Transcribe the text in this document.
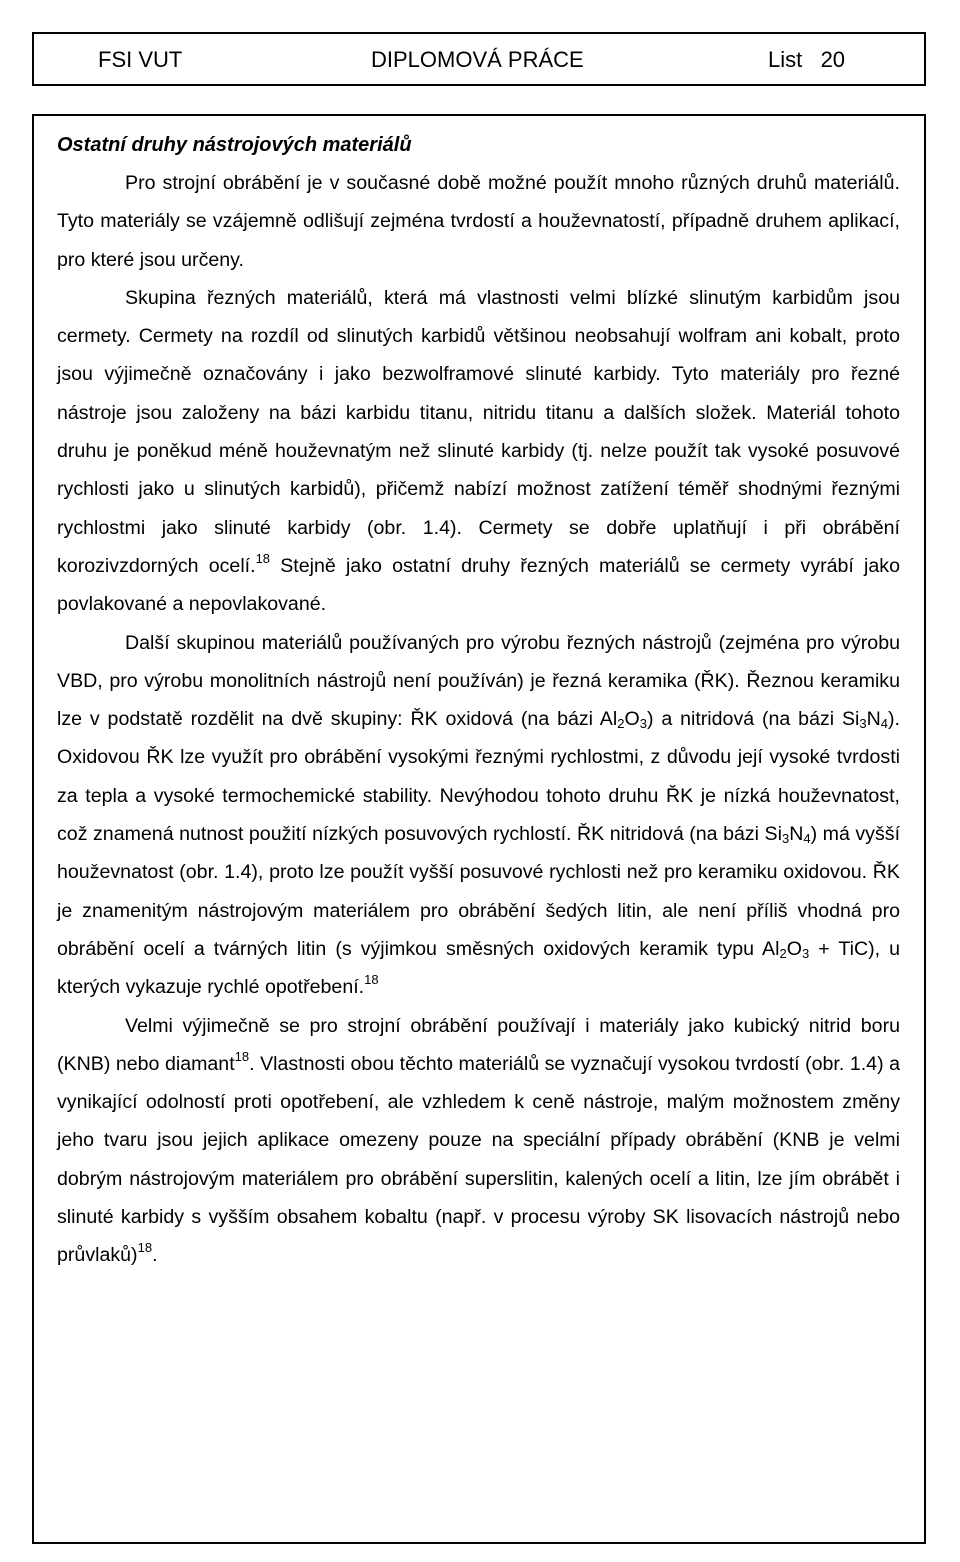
FSI VUT	DIPLOMOVÁ PRÁCE	List   20
Ostatní druhy nástrojových materiálů

Pro strojní obrábění je v současné době možné použít mnoho různých druhů materiálů. Tyto materiály se vzájemně odlišují zejména tvrdostí a houževnatostí, případně druhem aplikací, pro které jsou určeny.

Skupina řezných materiálů, která má vlastnosti velmi blízké slinutým karbidům jsou cermety. Cermety na rozdíl od slinutých karbidů většinou neobsahují wolfram ani kobalt, proto jsou výjimečně označovány i jako bezwolframové slinuté karbidy. Tyto materiály pro řezné nástroje jsou založeny na bázi karbidu titanu, nitridu titanu a dalších složek. Materiál tohoto druhu je poněkud méně houževnatým než slinuté karbidy (tj. nelze použít tak vysoké posuvové rychlosti jako u slinutých karbidů), přičemž nabízí možnost zatížení téměř shodnými řeznými rychlostmi jako slinuté karbidy (obr. 1.4). Cermety se dobře uplatňují i při obrábění korozivzdorných ocelí.$^{18}$ Stejně jako ostatní druhy řezných materiálů se cermety vyrábí jako povlakované a nepovlakované.

Další skupinou materiálů používaných pro výrobu řezných nástrojů (zejména pro výrobu VBD, pro výrobu monolitních nástrojů není používán) je řezná keramika (ŘK). Řeznou keramiku lze v podstatě rozdělit na dvě skupiny: ŘK oxidová (na bázi $Al_2O_3$) a nitridová (na bázi $Si_3N_4$). Oxidovou ŘK lze využít pro obrábění vysokými řeznými rychlostmi, z důvodu její vysoké tvrdosti za tepla a vysoké termochemické stability. Nevýhodou tohoto druhu ŘK je nízká houževnatost, což znamená nutnost použití nízkých posuvových rychlostí. ŘK nitridová (na bázi $Si_3N_4$) má vyšší houževnatost (obr. 1.4), proto lze použít vyšší posuvové rychlosti než pro keramiku oxidovou. ŘK je znamenitým nástrojovým materiálem pro obrábění šedých litin, ale není příliš vhodná pro obrábění ocelí a tvárných litin (s výjimkou směsných oxidových keramik typu $Al_2O_3 + TiC$), u kterých vykazuje rychlé opotřebení.$^{18}$

Velmi výjimečně se pro strojní obrábění používají i materiály jako kubický nitrid boru (KNB) nebo diamant$^{18}$. Vlastnosti obou těchto materiálů se vyznačují vysokou tvrdostí (obr. 1.4) a vynikající odolností proti opotřebení, ale vzhledem k ceně nástroje, malým možnostem změny jeho tvaru jsou jejich aplikace omezeny pouze na speciální případy obrábění (KNB je velmi dobrým nástrojovým materiálem pro obrábění superslitin, kalených ocelí a litin, lze jím obrábět i slinuté karbidy s vyšším obsahem kobaltu (např. v procesu výroby SK lisovacích nástrojů nebo průvlaků)$^{18}$.
